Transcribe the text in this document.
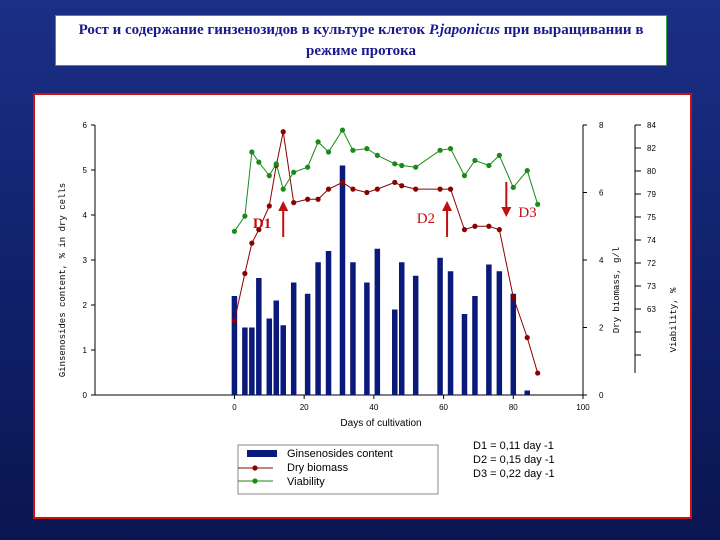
Рост и содержание гинзенозидов в культуре клеток P.japonicus при выращивании в режиме протока
0
1
2
3
4
5
6
0	20	40	60	80	100
0
2
4
6
8	84
82
80
79
75
74
72
73
63
Days of cultivation
Ginsenosides content, % in dry cells	Dry biomass, g/l	Viability, %
D1	D2	D3
Ginsenosides content
Dry biomass
Viability
D1 = 0,11 day -1
D2 = 0,15 day -1
D3 = 0,22 day -1
